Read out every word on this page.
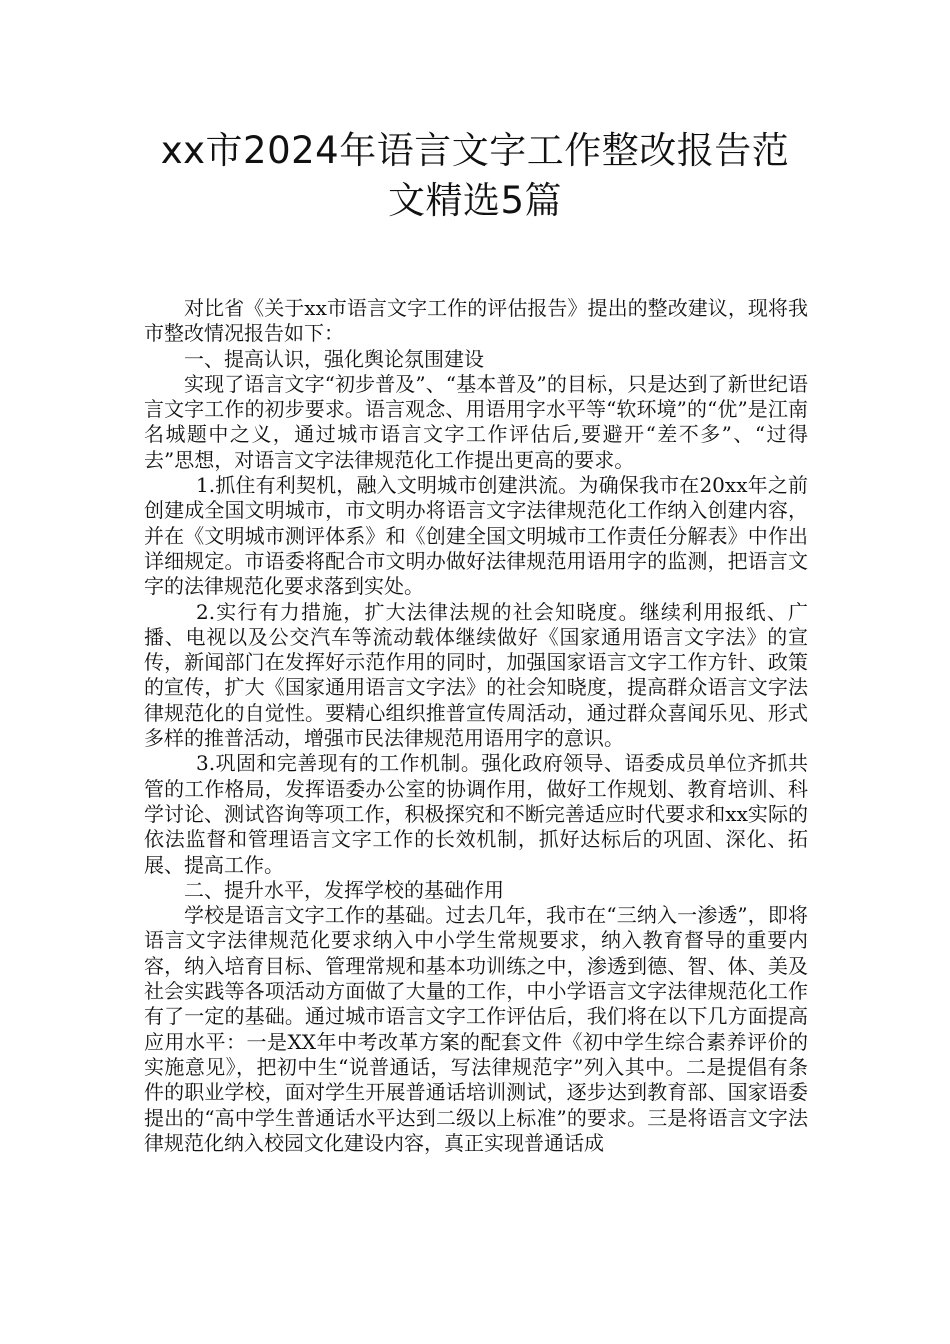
xx市2024年语言文字工作整改报告范
文精选5篇

对比省《关于xx市语言文字工作的评估报告》提出的整改建议，现将我市整改情况报告如下：

一、提高认识，强化舆论氛围建设

实现了语言文字“初步普及”、“基本普及”的目标，只是达到了新世纪语言文字工作的初步要求。语言观念、用语用字水平等“软环境”的“优”是江南名城题中之义，通过城市语言文字工作评估后,要避开“差不多”、“过得去”思想，对语言文字法律规范化工作提出更高的要求。

1.抓住有利契机，融入文明城市创建洪流。为确保我市在20xx年之前创建成全国文明城市，市文明办将语言文字法律规范化工作纳入创建内容，并在《文明城市测评体系》和《创建全国文明城市工作责任分解表》中作出详细规定。市语委将配合市文明办做好法律规范用语用字的监测，把语言文字的法律规范化要求落到实处。

2.实行有力措施，扩大法律法规的社会知晓度。继续利用报纸、广播、电视以及公交汽车等流动载体继续做好《国家通用语言文字法》的宣传，新闻部门在发挥好示范作用的同时，加强国家语言文字工作方针、政策的宣传，扩大《国家通用语言文字法》的社会知晓度，提高群众语言文字法律规范化的自觉性。要精心组织推普宣传周活动，通过群众喜闻乐见、形式多样的推普活动，增强市民法律规范用语用字的意识。

3.巩固和完善现有的工作机制。强化政府领导、语委成员单位齐抓共管的工作格局，发挥语委办公室的协调作用，做好工作规划、教育培训、科学讨论、测试咨询等项工作，积极探究和不断完善适应时代要求和xx实际的依法监督和管理语言文字工作的长效机制，抓好达标后的巩固、深化、拓展、提高工作。

二、提升水平，发挥学校的基础作用

学校是语言文字工作的基础。过去几年，我市在“三纳入一渗透”，即将语言文字法律规范化要求纳入中小学生常规要求，纳入教育督导的重要内容，纳入培育目标、管理常规和基本功训练之中，渗透到德、智、体、美及社会实践等各项活动方面做了大量的工作，中小学语言文字法律规范化工作有了一定的基础。通过城市语言文字工作评估后，我们将在以下几方面提高应用水平：一是XX年中考改革方案的配套文件《初中学生综合素养评价的实施意见》，把初中生“说普通话，写法律规范字”列入其中。二是提倡有条件的职业学校，面对学生开展普通话培训测试，逐步达到教育部、国家语委提出的“高中学生普通话水平达到二级以上标准”的要求。三是将语言文字法律规范化纳入校园文化建设内容，真正实现普通话成
